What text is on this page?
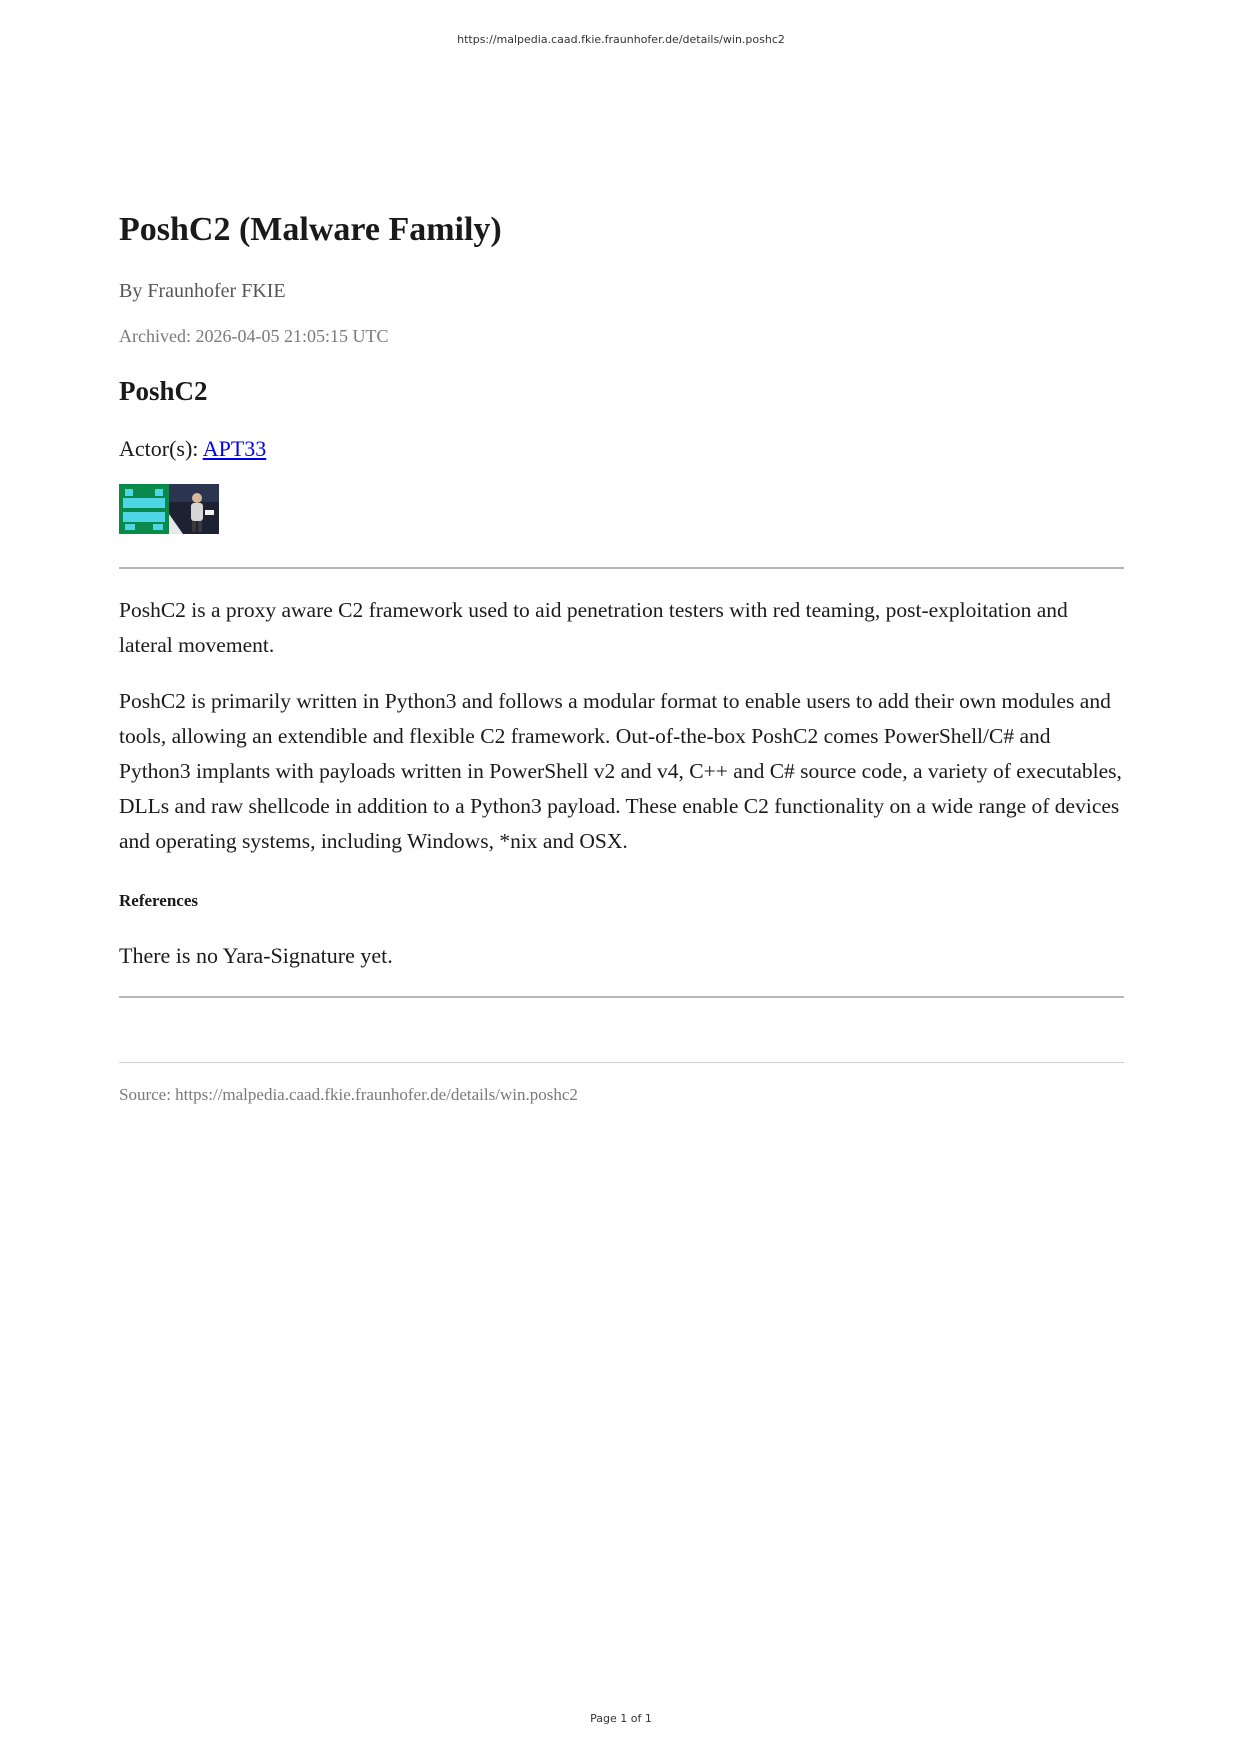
https://malpedia.caad.fkie.fraunhofer.de/details/win.poshc2
PoshC2 (Malware Family)
By Fraunhofer FKIE
Archived: 2026-04-05 21:05:15 UTC
PoshC2
Actor(s): APT33

PoshC2 is a proxy aware C2 framework used to aid penetration testers with red teaming, post-exploitation and lateral movement.

PoshC2 is primarily written in Python3 and follows a modular format to enable users to add their own modules and tools, allowing an extendible and flexible C2 framework. Out-of-the-box PoshC2 comes PowerShell/C# and Python3 implants with payloads written in PowerShell v2 and v4, C++ and C# source code, a variety of executables, DLLs and raw shellcode in addition to a Python3 payload. These enable C2 functionality on a wide range of devices and operating systems, including Windows, *nix and OSX.

References
There is no Yara-Signature yet.
Source: https://malpedia.caad.fkie.fraunhofer.de/details/win.poshc2
Page 1 of 1
